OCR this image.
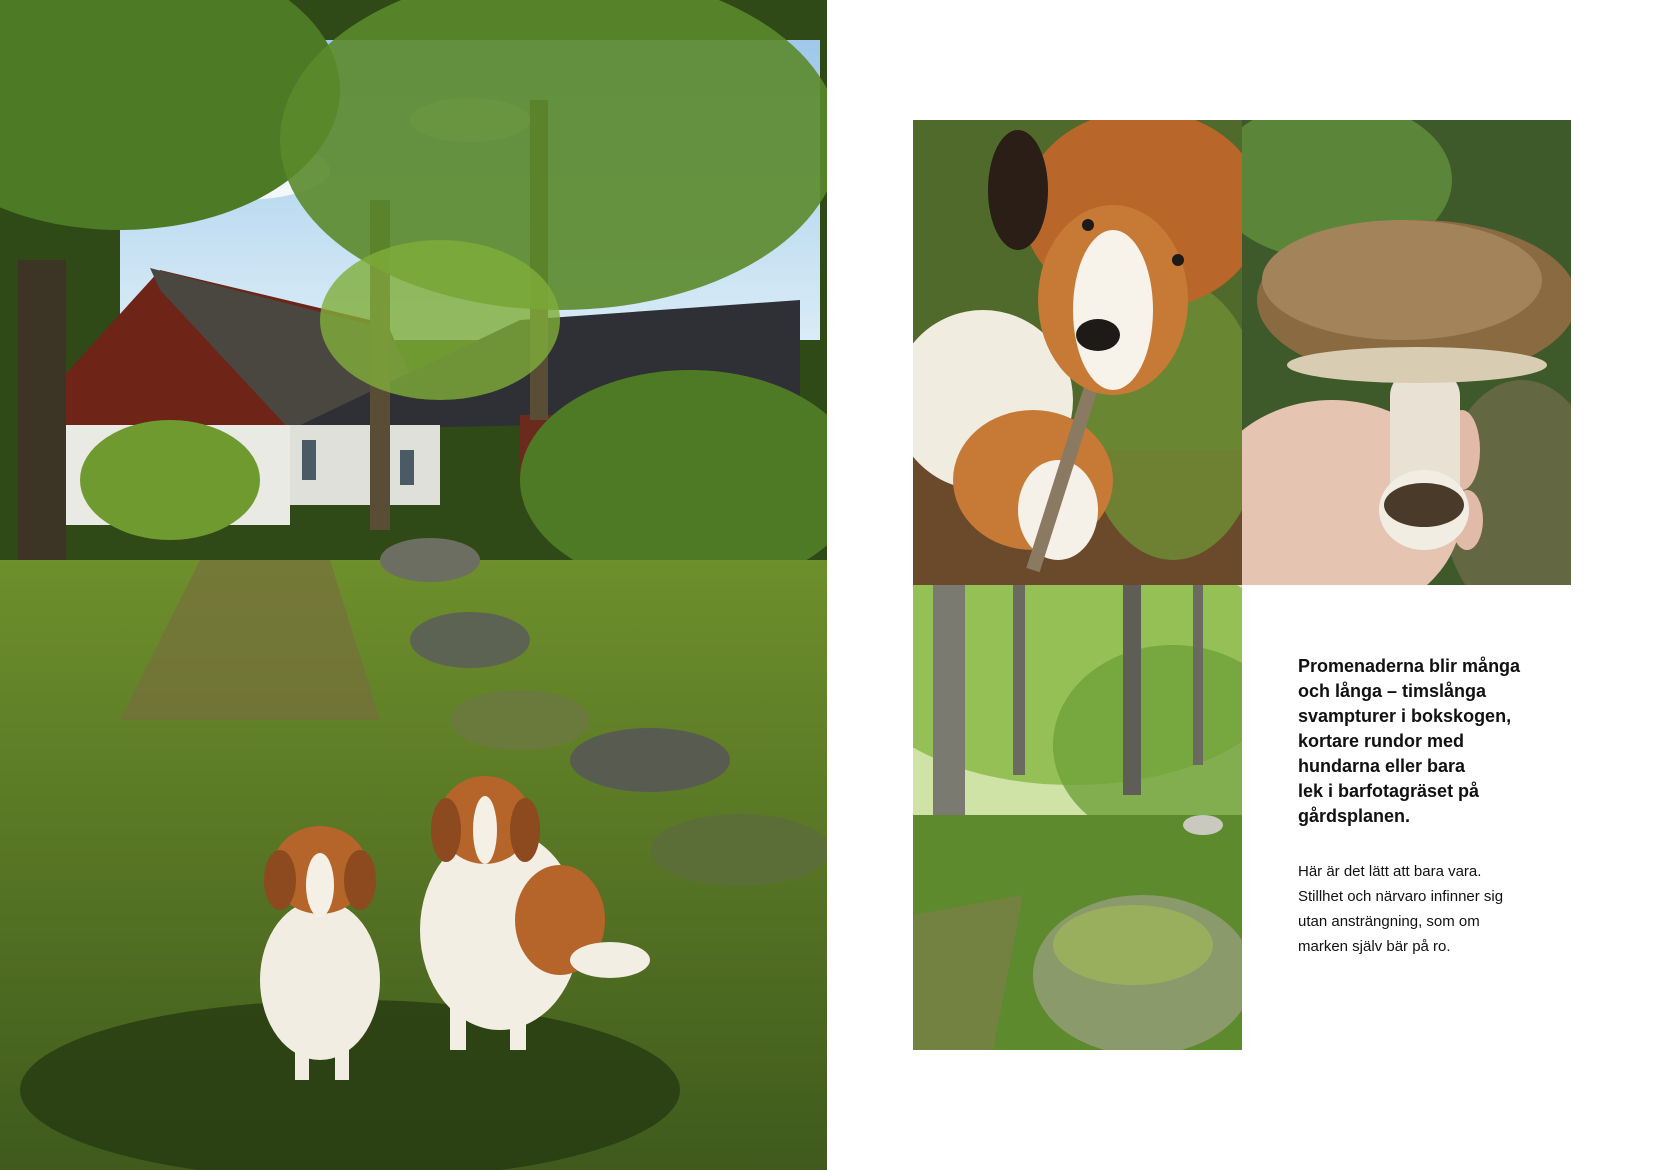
Promenaderna blir många
och långa – timslånga
svampturer i bokskogen,
kortare rundor med
hundarna eller bara
lek i barfotagräset på
gårdsplanen.

Här är det lätt att bara vara.
Stillhet och närvaro infinner sig
utan ansträngning, som om
marken själv bär på ro.
